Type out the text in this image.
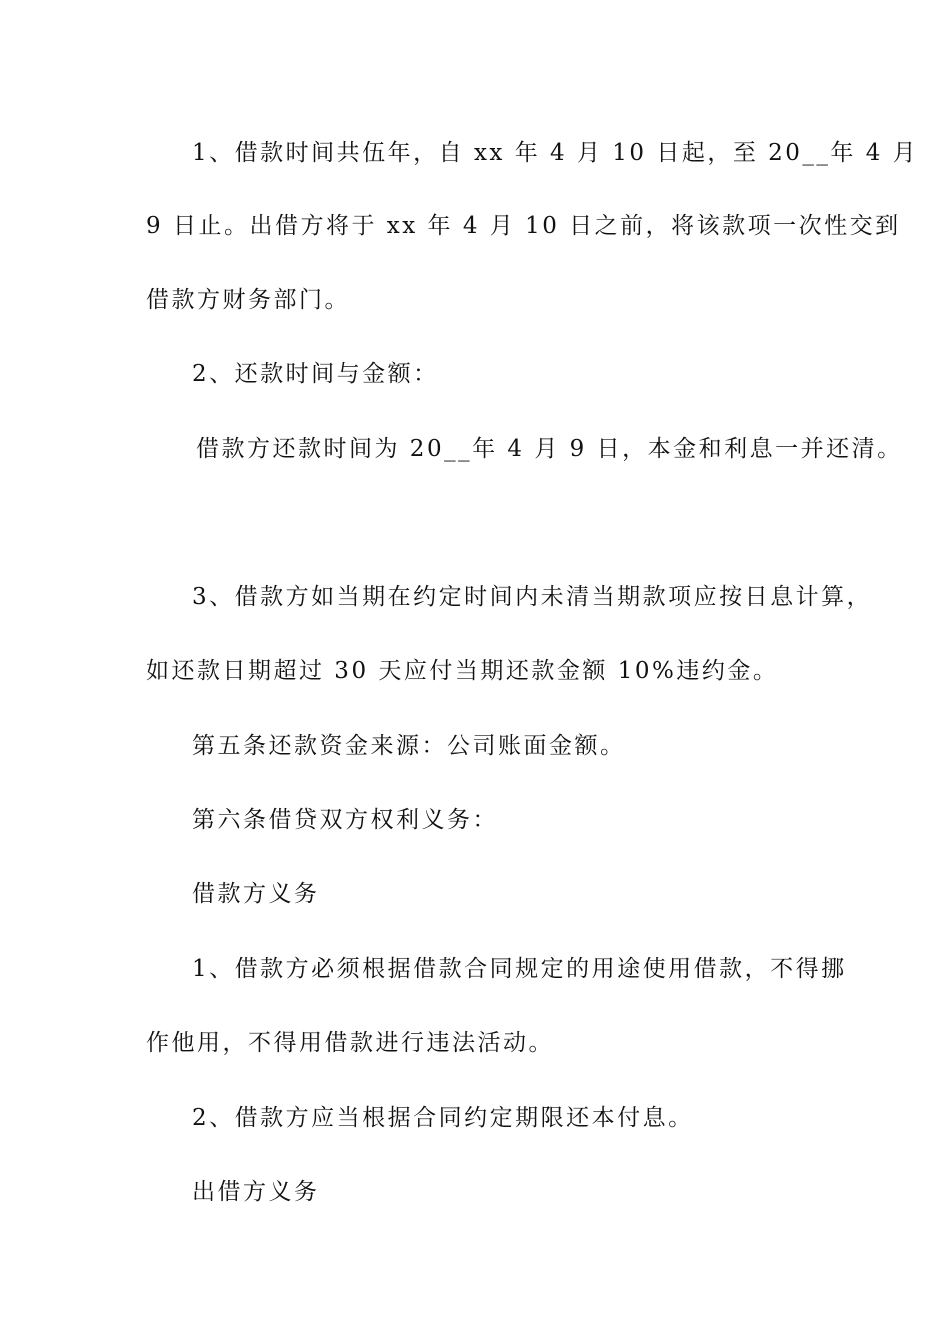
1、借款时间共伍年，自 xx 年 4 月 10 日起，至 20__年 4 月
9 日止。出借方将于 xx 年 4 月 10 日之前，将该款项一次性交到
借款方财务部门。
2、还款时间与金额：
借款方还款时间为 20__年 4 月 9 日，本金和利息一并还清。
3、借款方如当期在约定时间内未清当期款项应按日息计算，
如还款日期超过 30 天应付当期还款金额 10%违约金。
第五条还款资金来源：公司账面金额。
第六条借贷双方权利义务：
借款方义务
1、借款方必须根据借款合同规定的用途使用借款，不得挪
作他用，不得用借款进行违法活动。
2、借款方应当根据合同约定期限还本付息。
出借方义务
